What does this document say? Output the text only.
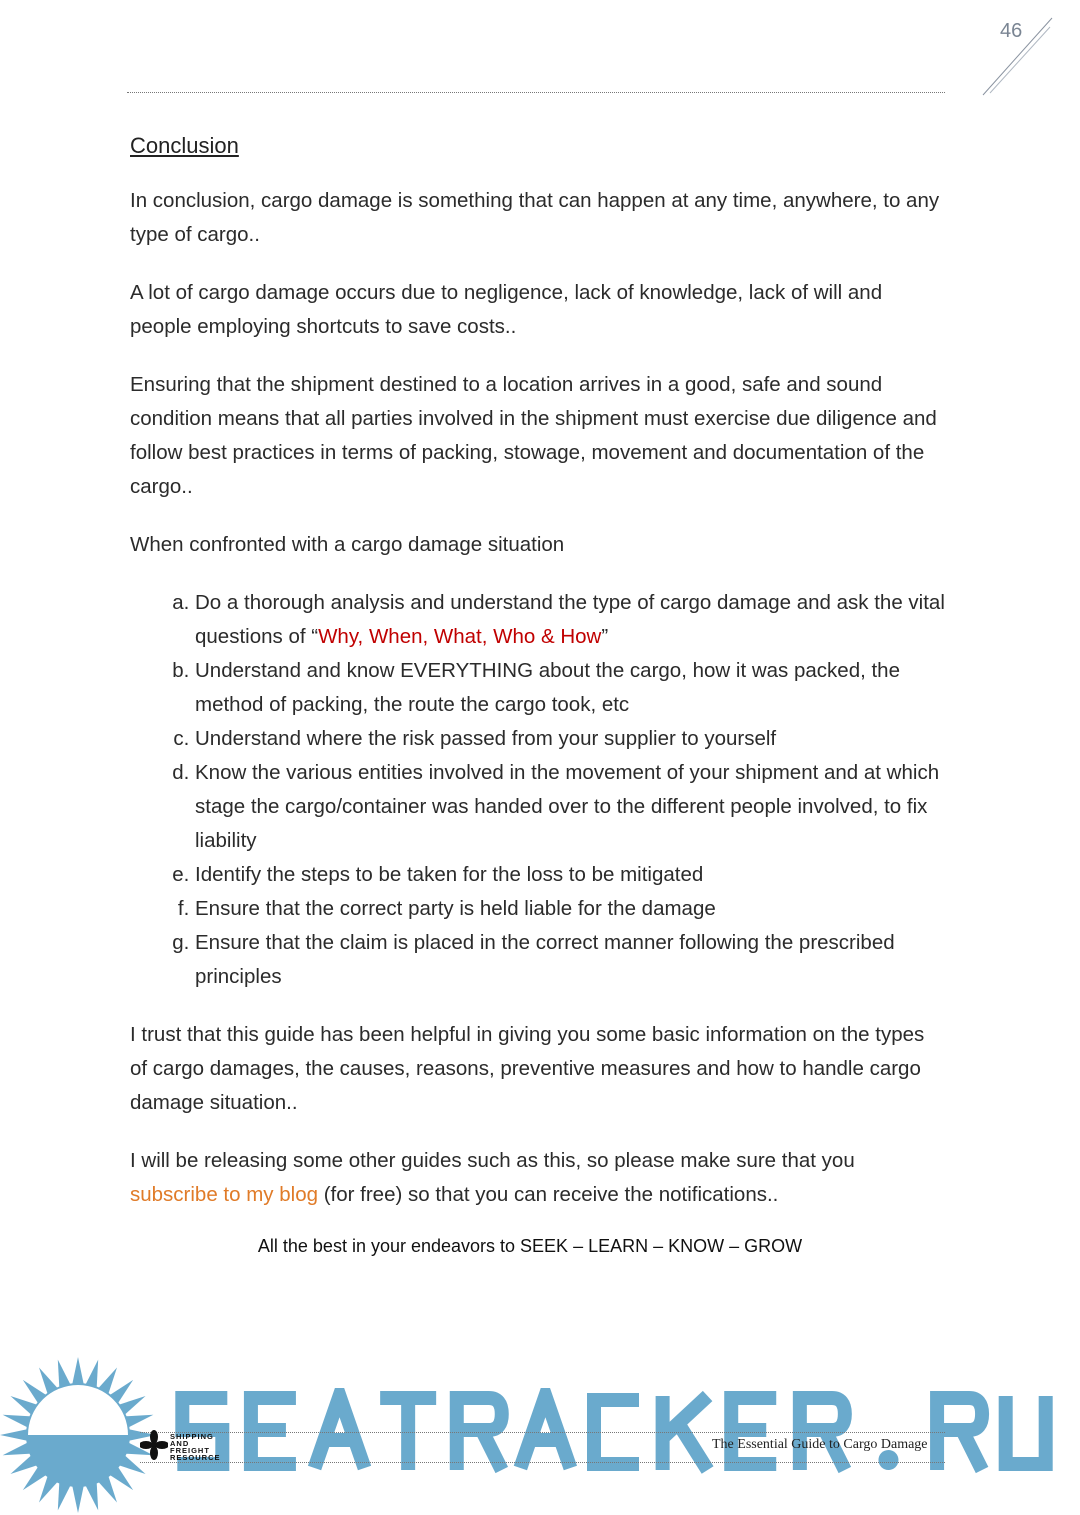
46
Conclusion
In conclusion, cargo damage is something that can happen at any time, anywhere, to any type of cargo..
A lot of cargo damage occurs due to negligence, lack of knowledge, lack of will and people employing shortcuts to save costs..
Ensuring that the shipment destined to a location arrives in a good, safe and sound condition means that all parties involved in the shipment must exercise due diligence and follow best practices in terms of packing, stowage, movement and documentation of the cargo..
When confronted with a cargo damage situation
a. Do a thorough analysis and understand the type of cargo damage and ask the vital questions of “Why, When, What, Who & How”
b. Understand and know EVERYTHING about the cargo, how it was packed, the method of packing, the route the cargo took, etc
c. Understand where the risk passed from your supplier to yourself
d. Know the various entities involved in the movement of your shipment and at which stage the cargo/container was handed over to the different people involved, to fix liability
e. Identify the steps to be taken for the loss to be mitigated
f. Ensure that the correct party is held liable for the damage
g. Ensure that the claim is placed in the correct manner following the prescribed principles
I trust that this guide has been helpful in giving you some basic information on the types of cargo damages, the causes, reasons, preventive measures and how to handle cargo damage situation..
I will be releasing some other guides such as this, so please make sure that you subscribe to my blog (for free) so that you can receive the notifications..
All the best in your endeavors to SEEK – LEARN – KNOW – GROW
SHIPPING
AND
FREIGHT
RESOURCE
The Essential Guide to Cargo Damage
